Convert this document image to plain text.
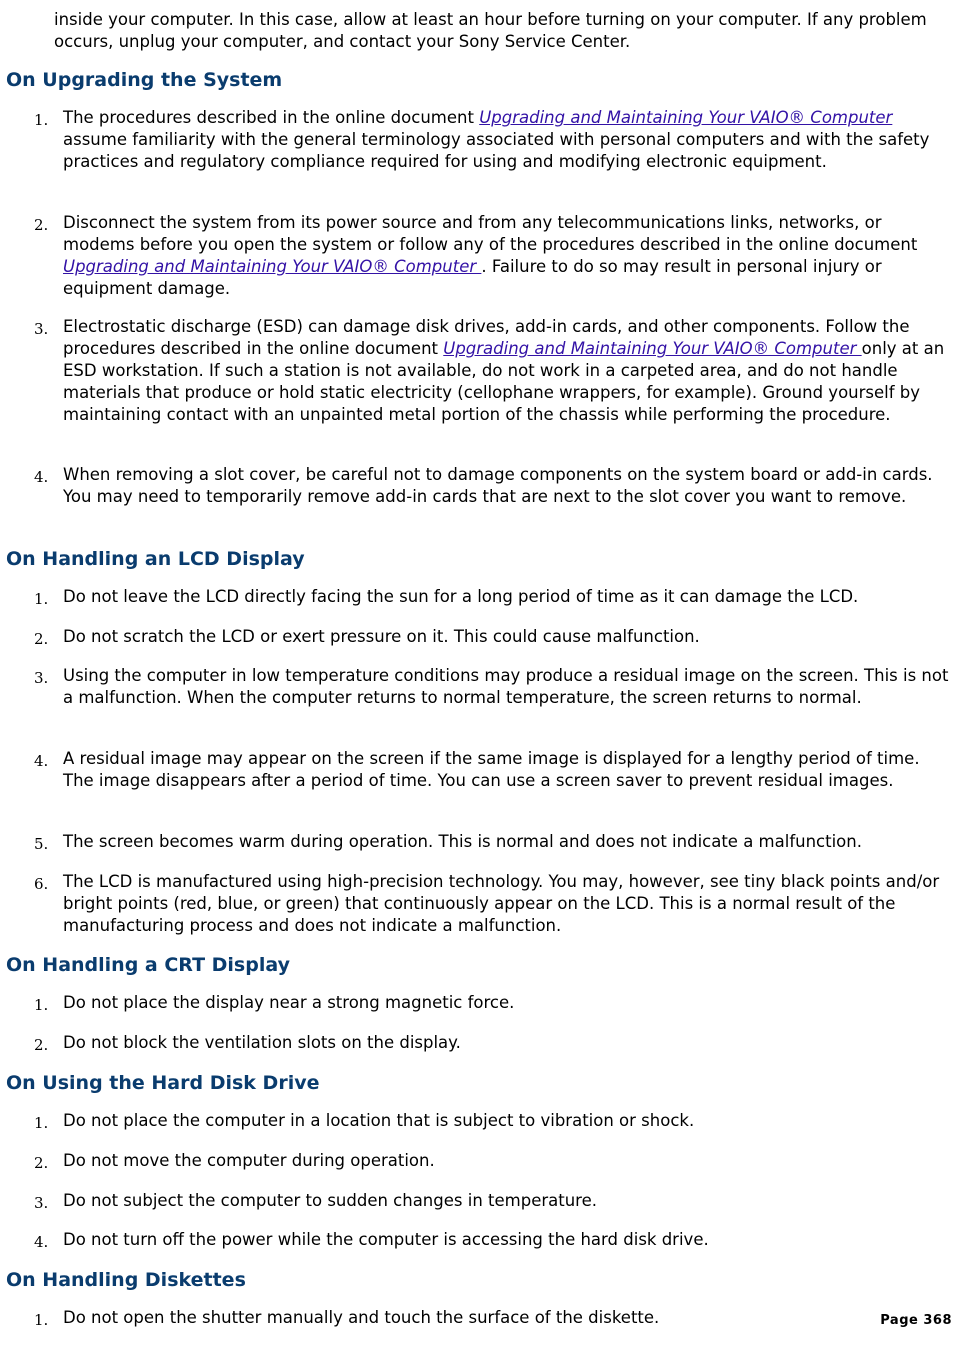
inside your computer. In this case, allow at least an hour before turning on your computer. If any problem occurs, unplug your computer, and contact your Sony Service Center.
On Upgrading the System
1. The procedures described in the online document Upgrading and Maintaining Your VAIO® Computer assume familiarity with the general terminology associated with personal computers and with the safety practices and regulatory compliance required for using and modifying electronic equipment.
2. Disconnect the system from its power source and from any telecommunications links, networks, or modems before you open the system or follow any of the procedures described in the online document Upgrading and Maintaining Your VAIO® Computer . Failure to do so may result in personal injury or equipment damage.
3. Electrostatic discharge (ESD) can damage disk drives, add-in cards, and other components. Follow the procedures described in the online document Upgrading and Maintaining Your VAIO® Computer only at an ESD workstation. If such a station is not available, do not work in a carpeted area, and do not handle materials that produce or hold static electricity (cellophane wrappers, for example). Ground yourself by maintaining contact with an unpainted metal portion of the chassis while performing the procedure.
4. When removing a slot cover, be careful not to damage components on the system board or add-in cards. You may need to temporarily remove add-in cards that are next to the slot cover you want to remove.
On Handling an LCD Display
1. Do not leave the LCD directly facing the sun for a long period of time as it can damage the LCD.
2. Do not scratch the LCD or exert pressure on it. This could cause malfunction.
3. Using the computer in low temperature conditions may produce a residual image on the screen. This is not a malfunction. When the computer returns to normal temperature, the screen returns to normal.
4. A residual image may appear on the screen if the same image is displayed for a lengthy period of time. The image disappears after a period of time. You can use a screen saver to prevent residual images.
5. The screen becomes warm during operation. This is normal and does not indicate a malfunction.
6. The LCD is manufactured using high-precision technology. You may, however, see tiny black points and/or bright points (red, blue, or green) that continuously appear on the LCD. This is a normal result of the manufacturing process and does not indicate a malfunction.
On Handling a CRT Display
1. Do not place the display near a strong magnetic force.
2. Do not block the ventilation slots on the display.
On Using the Hard Disk Drive
1. Do not place the computer in a location that is subject to vibration or shock.
2. Do not move the computer during operation.
3. Do not subject the computer to sudden changes in temperature.
4. Do not turn off the power while the computer is accessing the hard disk drive.
On Handling Diskettes
1. Do not open the shutter manually and touch the surface of the diskette.	Page 368
